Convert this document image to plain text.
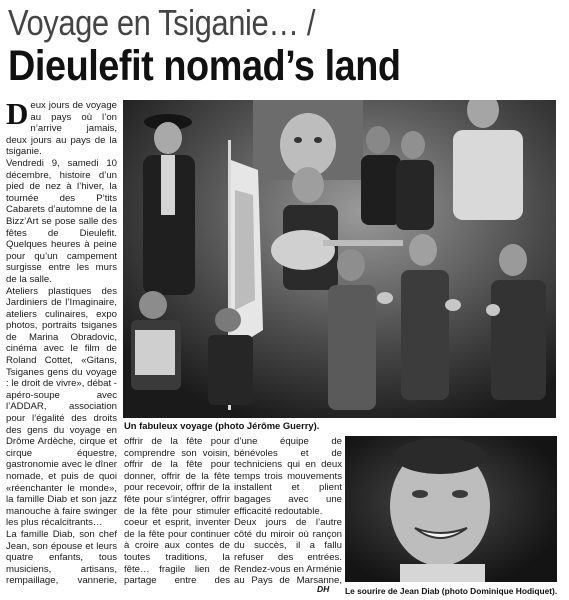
Voyage en Tsiganie… /
Dieulefit nomad’s land

Deux jours de voyage au pays où l’on n’arrive jamais, deux jours au pays de la tsiganie.

Vendredi 9, samedi 10 décembre, histoire d’un pied de nez à l’hiver, la tournée des P’tits Cabarets d’automne de la Bizz’Art se pose salle des fêtes de Dieulefit. Quelques heures à peine pour qu’un campement surgisse entre les murs de la salle.

Ateliers plastiques des Jardiniers de l’Imaginaire, ateliers culinaires, expo photos, portraits tsiganes de Marina Obradovic, cinéma avec le film de Roland Cottet, «Gitans, Tsiganes gens du voyage : le droit de vivre», débat - apéro-soupe avec l’ADDAR, association pour l’égalité des droits des gens du voyage en Drôme Ardèche, cirque et cirque équestre, gastronomie avec le dîner nomade, et puis de quoi «réenchanter le monde», la famille Diab et son jazz manouche à faire swinger les plus récalcitrants…

La famille Diab, son chef Jean, son épouse et leurs quatre enfants, tous musiciens, artisans, rempaillage, vannerie,

Un fabuleux voyage (photo Jérôme Guerry).

offrir de la fête pour comprendre son voisin, offrir de la fête pour donner, offrir de la fête pour recevoir, offrir de la fête pour s’intégrer, offrir de la fête pour stimuler coeur et esprit, inventer de la fête pour continuer à croire aux contes de toutes traditions, la fête… fragile lien de partage entre des

d’une équipe de bénévoles et de techniciens qui en deux temps trois mouvements installent et plient bagages avec une efficacité redoutable.

Deux jours de l’autre côté du miroir où rançon du succès, il a fallu refuser des entrées. Rendez-vous en Arménie au Pays de Marsanne,

DH Le sourire de Jean Diab (photo Dominique Hodiquet).
